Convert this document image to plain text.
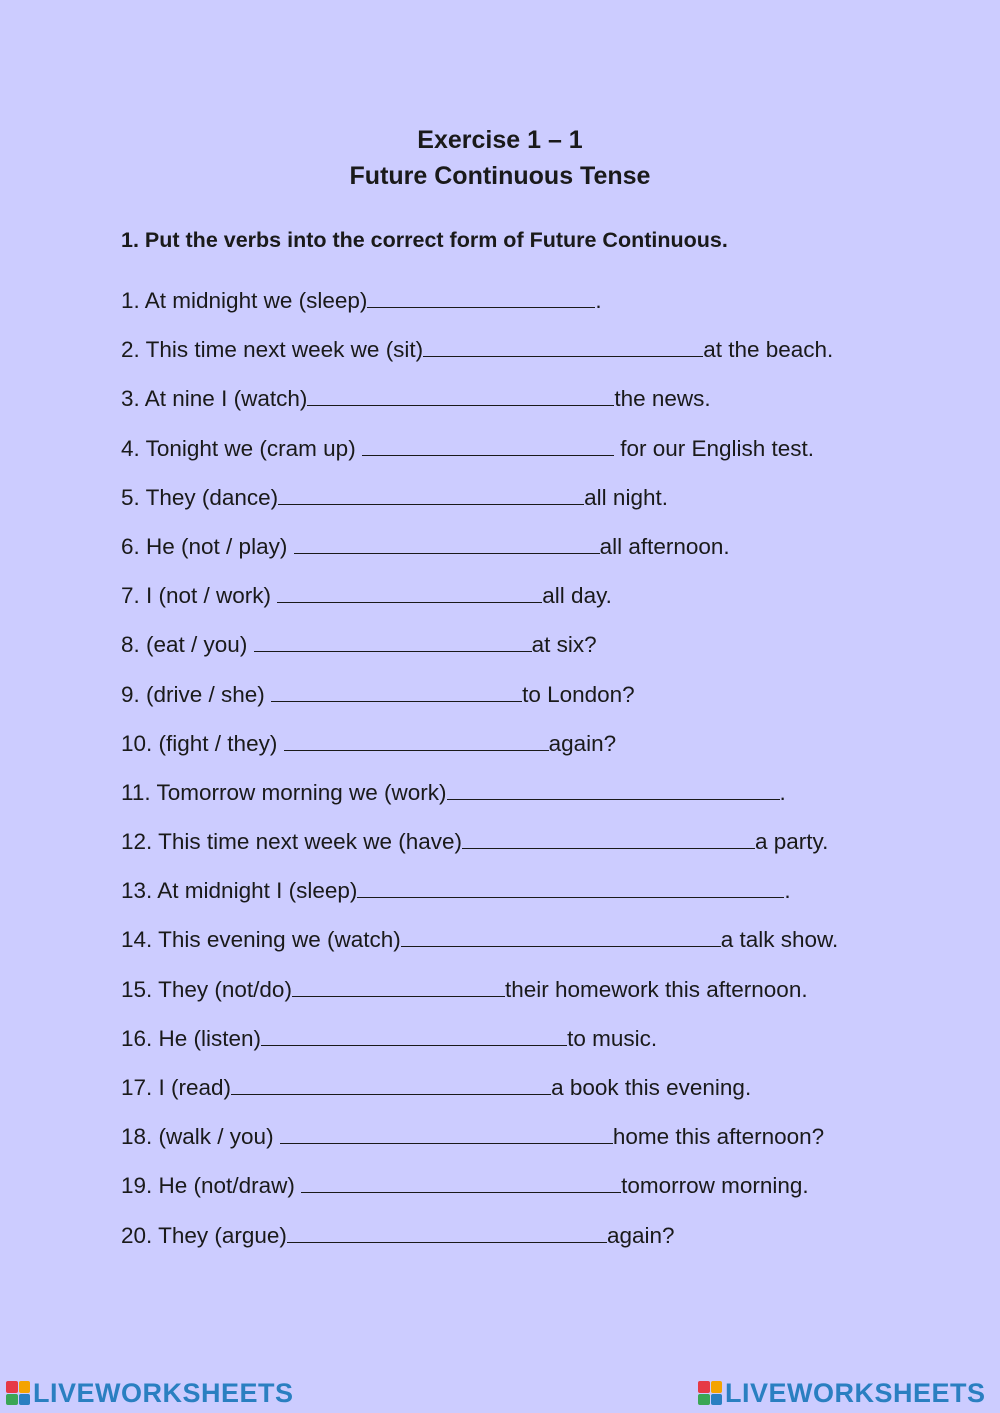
Exercise 1 – 1
Future Continuous Tense
1. Put the verbs into the correct form of Future Continuous.
1. At midnight we (sleep)	.
2. This time next week we (sit)	at the beach.
3. At nine I (watch)	the news.
4. Tonight we (cram up)	for our English test.
5. They (dance)	all night.
6. He (not / play)	all afternoon.
7. I (not / work)	all day.
8. (eat / you)	at six?
9. (drive / she)	to London?
10. (fight / they)	again?
11. Tomorrow morning we (work)	.
12. This time next week we (have)	a party.
13. At midnight I (sleep)	.
14. This evening we (watch)	a talk show.
15. They (not/do)	their homework this afternoon.
16. He (listen)	to music.
17. I (read)	a book this evening.
18. (walk / you)	home this afternoon?
19. He (not/draw)	tomorrow morning.
20. They (argue)	again?
LIVEWORKSHEETS	LIVEWORKSHEETS
